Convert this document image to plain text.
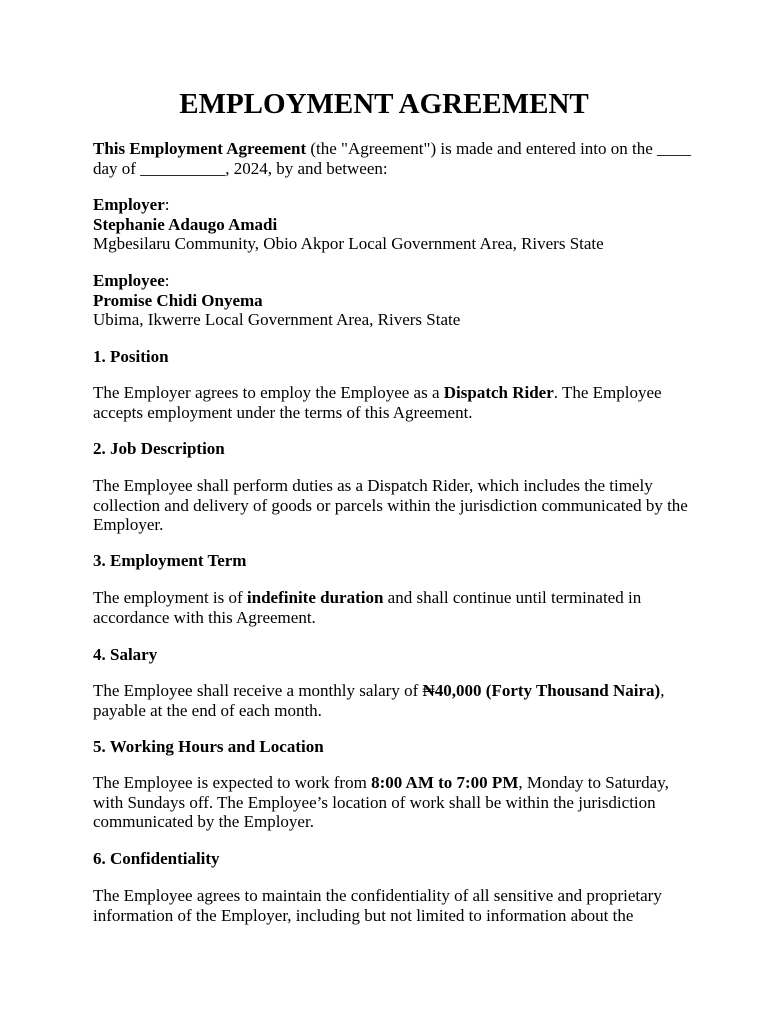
EMPLOYMENT AGREEMENT

This Employment Agreement (the "Agreement") is made and entered into on the ____ day of __________, 2024, by and between:

Employer:

Stephanie Adaugo Amadi

Mgbesilaru Community, Obio Akpor Local Government Area, Rivers State

Employee:

Promise Chidi Onyema

Ubima, Ikwerre Local Government Area, Rivers State

1. Position

The Employer agrees to employ the Employee as a Dispatch Rider. The Employee accepts employment under the terms of this Agreement.

2. Job Description

The Employee shall perform duties as a Dispatch Rider, which includes the timely collection and delivery of goods or parcels within the jurisdiction communicated by the Employer.

3. Employment Term

The employment is of indefinite duration and shall continue until terminated in accordance with this Agreement.

4. Salary

The Employee shall receive a monthly salary of ₦40,000 (Forty Thousand Naira), payable at the end of each month.

5. Working Hours and Location

The Employee is expected to work from 8:00 AM to 7:00 PM, Monday to Saturday, with Sundays off. The Employee’s location of work shall be within the jurisdiction communicated by the Employer.

6. Confidentiality

The Employee agrees to maintain the confidentiality of all sensitive and proprietary information of the Employer, including but not limited to information about the
